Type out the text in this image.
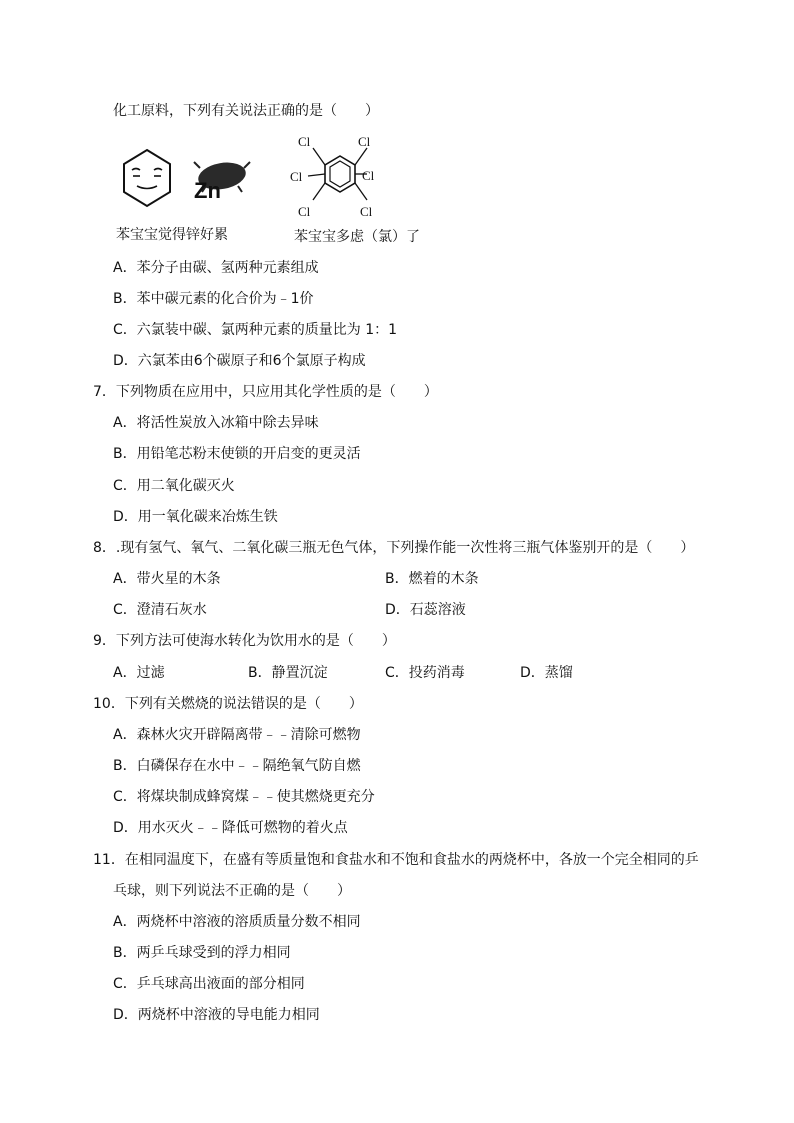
化工原料，下列有关说法正确的是（　　）
Zn
Cl	Cl
Cl	Cl
Cl	Cl
苯宝宝觉得锌好累	苯宝宝多虑（氯）了
A．苯分子由碳、氢两种元素组成
B．苯中碳元素的化合价为﹣1价
C．六氯装中碳、氯两种元素的质量比为 1：1
D．六氯苯由6个碳原子和6个氯原子构成
7．下列物质在应用中，只应用其化学性质的是（　　）
A．将活性炭放入冰箱中除去异味
B．用铅笔芯粉末使锁的开启变的更灵活
C．用二氧化碳灭火
D．用一氧化碳来冶炼生铁
8．.现有氢气、氧气、二氧化碳三瓶无色气体，下列操作能一次性将三瓶气体鉴别开的是（　　）
A．带火星的木条	B．燃着的木条
C．澄清石灰水	D．石蕊溶液
9．下列方法可使海水转化为饮用水的是（　　）
A．过滤	B．静置沉淀	C．投药消毒	D．蒸馏
10．下列有关燃烧的说法错误的是（　　）
A．森林火灾开辟隔离带﹣﹣清除可燃物
B．白磷保存在水中﹣﹣隔绝氧气防自燃
C．将煤块制成蜂窝煤﹣﹣使其燃烧更充分
D．用水灭火﹣﹣降低可燃物的着火点
11．在相同温度下，在盛有等质量饱和食盐水和不饱和食盐水的两烧杯中，各放一个完全相同的乒
乓球，则下列说法不正确的是（　　）
A．两烧杯中溶液的溶质质量分数不相同
B．两乒乓球受到的浮力相同
C．乒乓球高出液面的部分相同
D．两烧杯中溶液的导电能力相同
